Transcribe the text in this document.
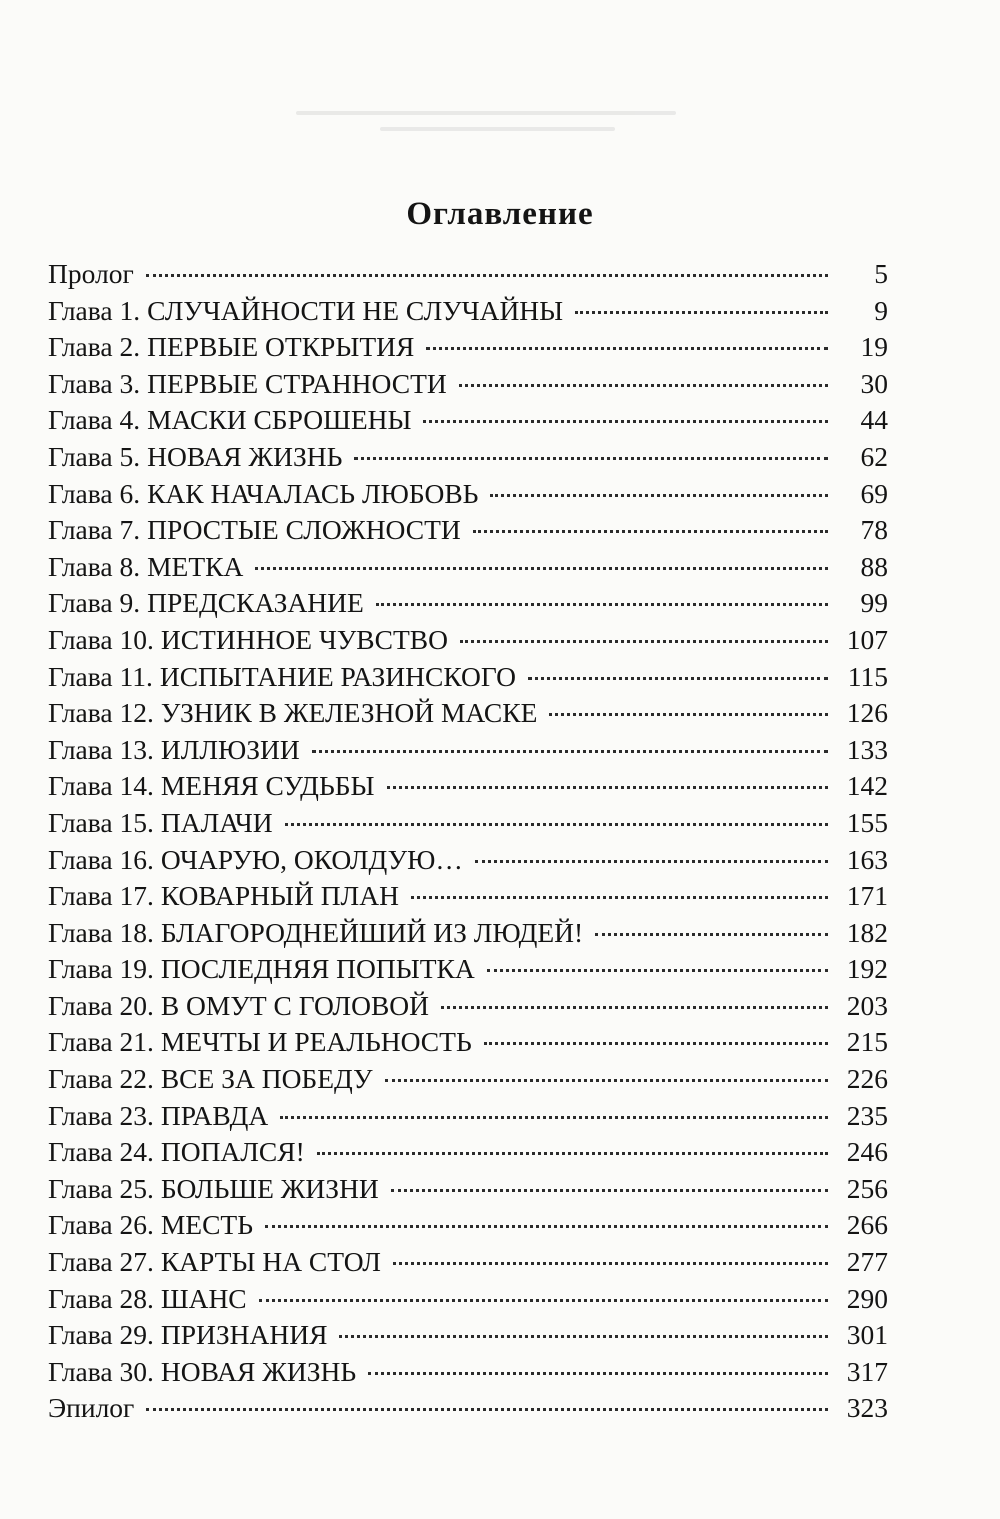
Оглавление
Пролог	5
Глава 1. СЛУЧАЙНОСТИ НЕ СЛУЧАЙНЫ	9
Глава 2. ПЕРВЫЕ ОТКРЫТИЯ	19
Глава 3. ПЕРВЫЕ СТРАННОСТИ	30
Глава 4. МАСКИ СБРОШЕНЫ	44
Глава 5. НОВАЯ ЖИЗНЬ	62
Глава 6. КАК НАЧАЛАСЬ ЛЮБОВЬ	69
Глава 7. ПРОСТЫЕ СЛОЖНОСТИ	78
Глава 8. МЕТКА	88
Глава 9. ПРЕДСКАЗАНИЕ	99
Глава 10. ИСТИННОЕ ЧУВСТВО	107
Глава 11. ИСПЫТАНИЕ РАЗИНСКОГО	115
Глава 12. УЗНИК В ЖЕЛЕЗНОЙ МАСКЕ	126
Глава 13. ИЛЛЮЗИИ	133
Глава 14. МЕНЯЯ СУДЬБЫ	142
Глава 15. ПАЛАЧИ	155
Глава 16. ОЧАРУЮ, ОКОЛДУЮ…	163
Глава 17. КОВАРНЫЙ ПЛАН	171
Глава 18. БЛАГОРОДНЕЙШИЙ ИЗ ЛЮДЕЙ!	182
Глава 19. ПОСЛЕДНЯЯ ПОПЫТКА	192
Глава 20. В ОМУТ С ГОЛОВОЙ	203
Глава 21. МЕЧТЫ И РЕАЛЬНОСТЬ	215
Глава 22. ВСЕ ЗА ПОБЕДУ	226
Глава 23. ПРАВДА	235
Глава 24. ПОПАЛСЯ!	246
Глава 25. БОЛЬШЕ ЖИЗНИ	256
Глава 26. МЕСТЬ	266
Глава 27. КАРТЫ НА СТОЛ	277
Глава 28. ШАНС	290
Глава 29. ПРИЗНАНИЯ	301
Глава 30. НОВАЯ ЖИЗНЬ	317
Эпилог	323
